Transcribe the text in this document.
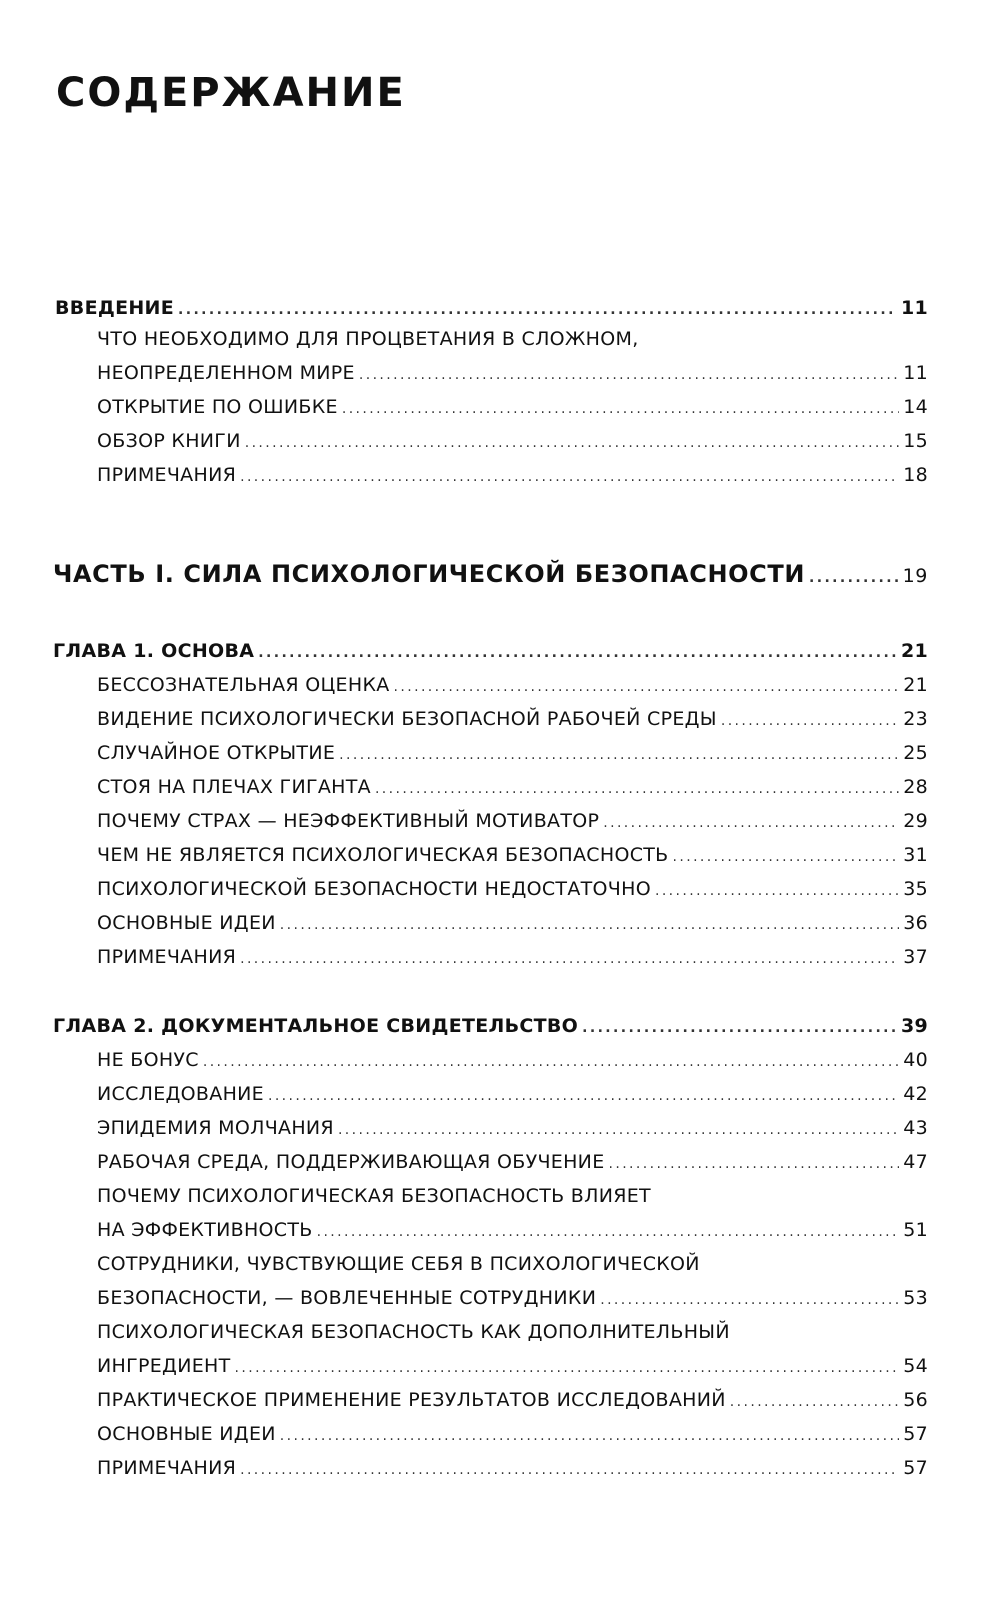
СОДЕРЖАНИЕ
ВВЕДЕНИЕ .....	11
ЧТО НЕОБХОДИМО ДЛЯ ПРОЦВЕТАНИЯ В СЛОЖНОМ,
НЕОПРЕДЕЛЕННОМ МИРЕ .....	11
ОТКРЫТИЕ ПО ОШИБКЕ .....	14
ОБЗОР КНИГИ .....	15
ПРИМЕЧАНИЯ .....	18
ЧАСТЬ I. СИЛА ПСИХОЛОГИЧЕСКОЙ БЕЗОПАСНОСТИ .....	19
ГЛАВА 1. ОСНОВА .....	21
БЕССОЗНАТЕЛЬНАЯ ОЦЕНКА .....	21
ВИДЕНИЕ ПСИХОЛОГИЧЕСКИ БЕЗОПАСНОЙ РАБОЧЕЙ СРЕДЫ .....	23
СЛУЧАЙНОЕ ОТКРЫТИЕ .....	25
СТОЯ НА ПЛЕЧАХ ГИГАНТА .....	28
ПОЧЕМУ СТРАХ — НЕЭФФЕКТИВНЫЙ МОТИВАТОР .....	29
ЧЕМ НЕ ЯВЛЯЕТСЯ ПСИХОЛОГИЧЕСКАЯ БЕЗОПАСНОСТЬ .....	31
ПСИХОЛОГИЧЕСКОЙ БЕЗОПАСНОСТИ НЕДОСТАТОЧНО .....	35
ОСНОВНЫЕ ИДЕИ .....	36
ПРИМЕЧАНИЯ .....	37
ГЛАВА 2. ДОКУМЕНТАЛЬНОЕ СВИДЕТЕЛЬСТВО .....	39
НЕ БОНУС .....	40
ИССЛЕДОВАНИЕ .....	42
ЭПИДЕМИЯ МОЛЧАНИЯ .....	43
РАБОЧАЯ СРЕДА, ПОДДЕРЖИВАЮЩАЯ ОБУЧЕНИЕ .....	47
ПОЧЕМУ ПСИХОЛОГИЧЕСКАЯ БЕЗОПАСНОСТЬ ВЛИЯЕТ
НА ЭФФЕКТИВНОСТЬ .....	51
СОТРУДНИКИ, ЧУВСТВУЮЩИЕ СЕБЯ В ПСИХОЛОГИЧЕСКОЙ
БЕЗОПАСНОСТИ, — ВОВЛЕЧЕННЫЕ СОТРУДНИКИ .....	53
ПСИХОЛОГИЧЕСКАЯ БЕЗОПАСНОСТЬ КАК ДОПОЛНИТЕЛЬНЫЙ
ИНГРЕДИЕНТ .....	54
ПРАКТИЧЕСКОЕ ПРИМЕНЕНИЕ РЕЗУЛЬТАТОВ ИССЛЕДОВАНИЙ .....	56
ОСНОВНЫЕ ИДЕИ .....	57
ПРИМЕЧАНИЯ .....	57
